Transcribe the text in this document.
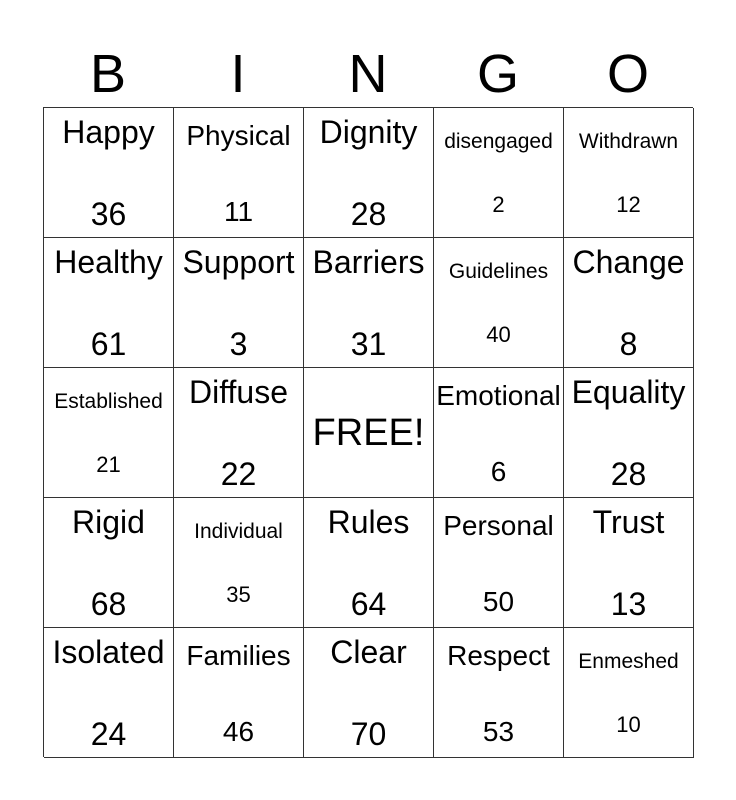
B	I	N	G	O
Happy
36
Physical
11
Dignity
28
disengaged
2
Withdrawn
12
Healthy
61
Support
3
Barriers
31
Guidelines
40
Change
8
Established
21
Diffuse
22
FREE!
Emotional
6
Equality
28
Rigid
68
Individual
35
Rules
64
Personal
50
Trust
13
Isolated
24
Families
46
Clear
70
Respect
53
Enmeshed
10
